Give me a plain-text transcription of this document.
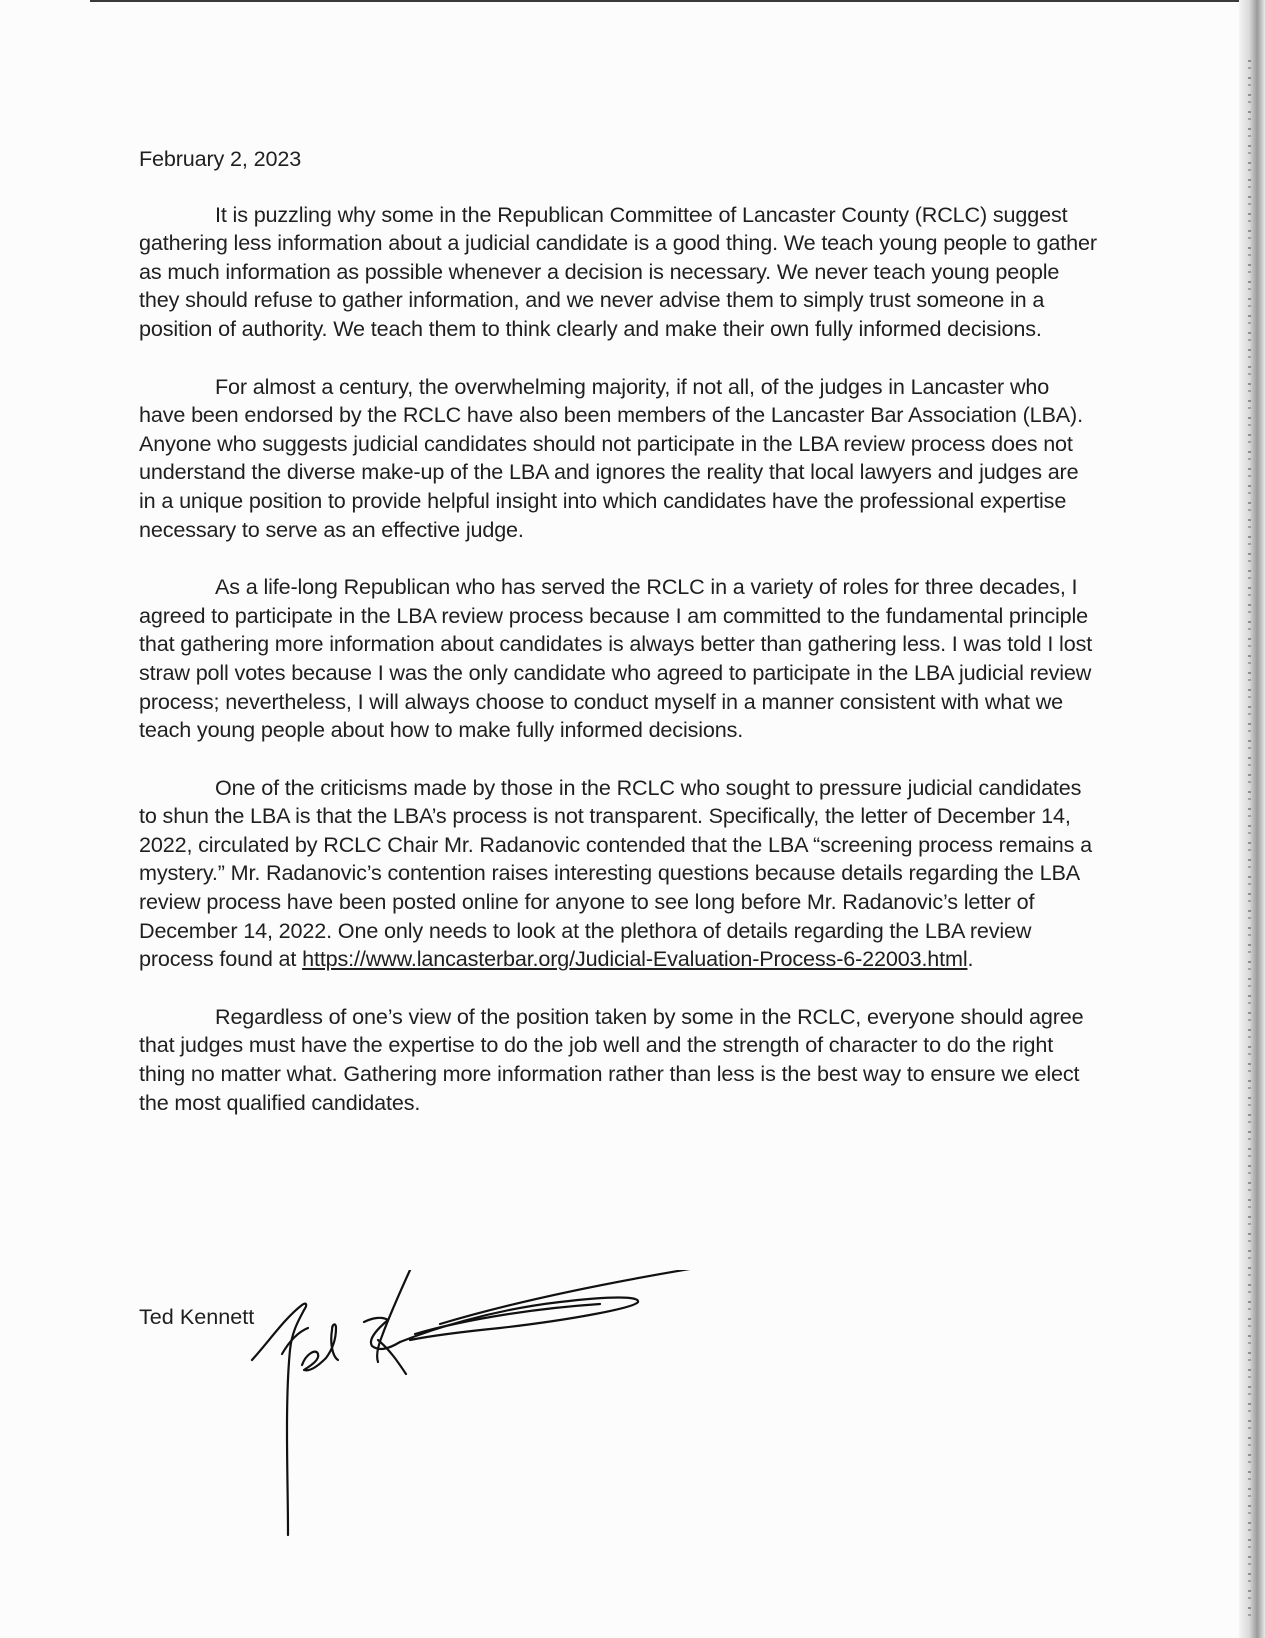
February 2, 2023

It is puzzling why some in the Republican Committee of Lancaster County (RCLC) suggest gathering less information about a judicial candidate is a good thing. We teach young people to gather as much information as possible whenever a decision is necessary. We never teach young people they should refuse to gather information, and we never advise them to simply trust someone in a position of authority. We teach them to think clearly and make their own fully informed decisions.

For almost a century, the overwhelming majority, if not all, of the judges in Lancaster who have been endorsed by the RCLC have also been members of the Lancaster Bar Association (LBA). Anyone who suggests judicial candidates should not participate in the LBA review process does not understand the diverse make-up of the LBA and ignores the reality that local lawyers and judges are in a unique position to provide helpful insight into which candidates have the professional expertise necessary to serve as an effective judge.

As a life-long Republican who has served the RCLC in a variety of roles for three decades, I agreed to participate in the LBA review process because I am committed to the fundamental principle that gathering more information about candidates is always better than gathering less. I was told I lost straw poll votes because I was the only candidate who agreed to participate in the LBA judicial review process; nevertheless, I will always choose to conduct myself in a manner consistent with what we teach young people about how to make fully informed decisions.

One of the criticisms made by those in the RCLC who sought to pressure judicial candidates to shun the LBA is that the LBA’s process is not transparent. Specifically, the letter of December 14, 2022, circulated by RCLC Chair Mr. Radanovic contended that the LBA “screening process remains a mystery.” Mr. Radanovic’s contention raises interesting questions because details regarding the LBA review process have been posted online for anyone to see long before Mr. Radanovic’s letter of December 14, 2022. One only needs to look at the plethora of details regarding the LBA review process found at https://www.lancasterbar.org/Judicial-Evaluation-Process-6-22003.html.

Regardless of one’s view of the position taken by some in the RCLC, everyone should agree that judges must have the expertise to do the job well and the strength of character to do the right thing no matter what. Gathering more information rather than less is the best way to ensure we elect the most qualified candidates.

Ted Kennett
